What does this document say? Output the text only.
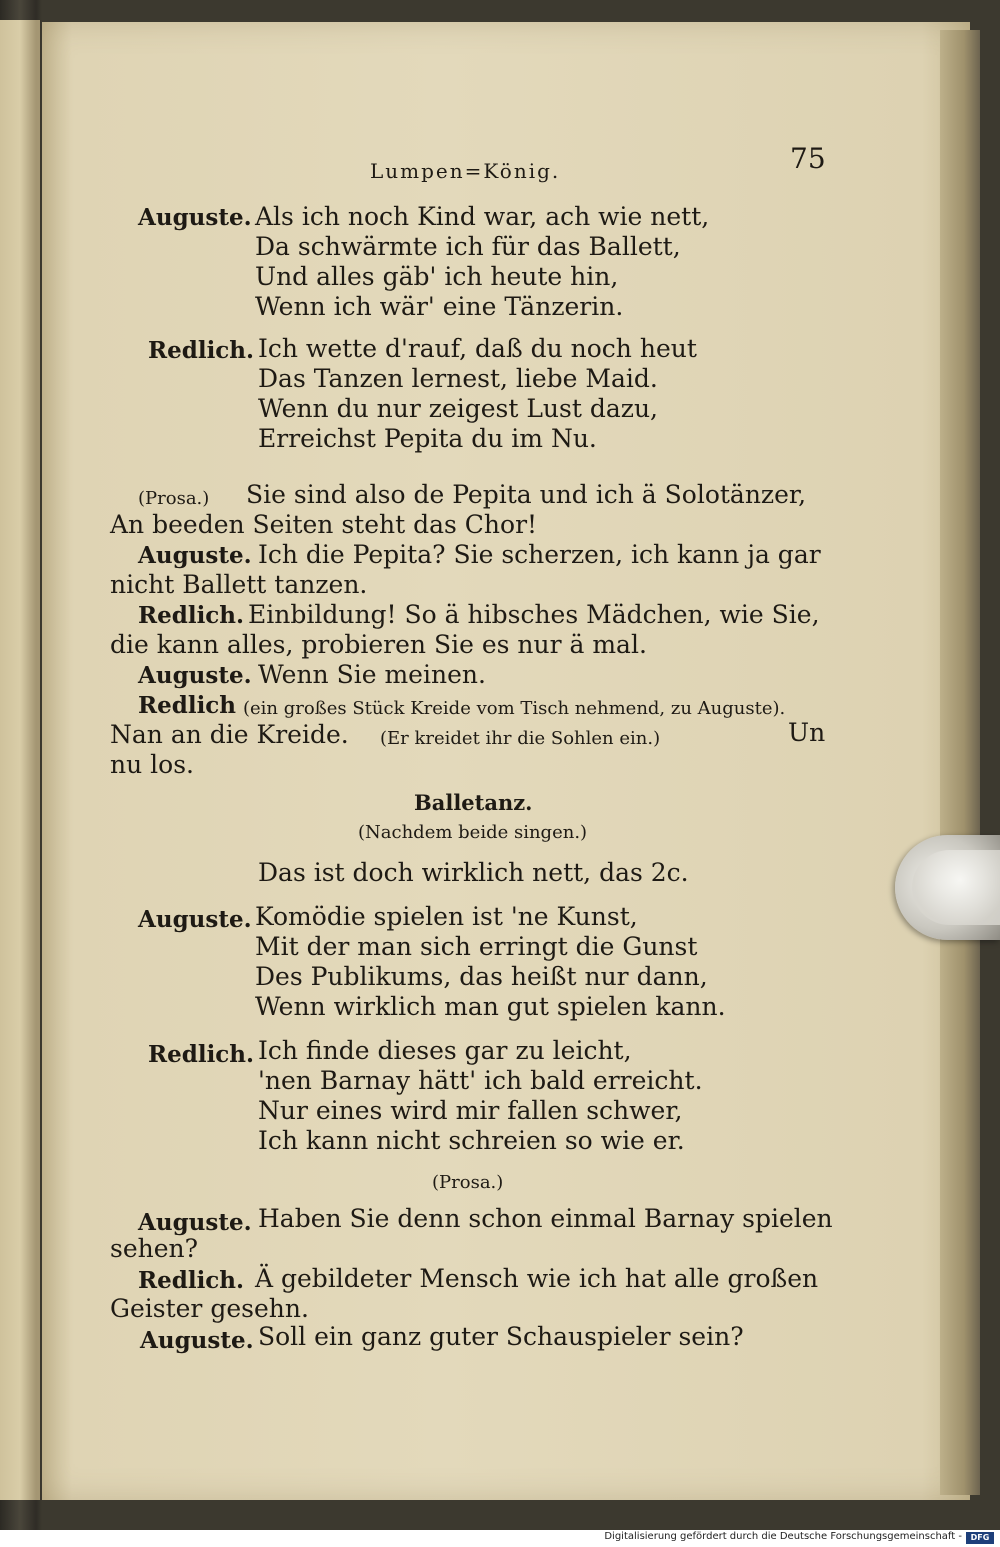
Lumpen=König.	75
Auguste. Als ich noch Kind war, ach wie nett,
Da schwärmte ich für das Ballett,
Und alles gäb' ich heute hin,
Wenn ich wär' eine Tänzerin.
Redlich. Ich wette d'rauf, daß du noch heut
Das Tanzen lernest, liebe Maid.
Wenn du nur zeigest Lust dazu,
Erreichst Pepita du im Nu.
(Prosa.) Sie sind also de Pepita und ich ä Solotänzer,
An beeden Seiten steht das Chor!
Auguste. Ich die Pepita? Sie scherzen, ich kann ja gar
nicht Ballett tanzen.
Redlich. Einbildung! So ä hibsches Mädchen, wie Sie,
die kann alles, probieren Sie es nur ä mal.
Auguste. Wenn Sie meinen.
Redlich (ein großes Stück Kreide vom Tisch nehmend, zu Auguste).
Nan an die Kreide. (Er kreidet ihr die Sohlen ein.)	Un
nu los.
Balletanz.
(Nachdem beide singen.)
Das ist doch wirklich nett, das 2c.
Auguste. Komödie spielen ist 'ne Kunst,
Mit der man sich erringt die Gunst
Des Publikums, das heißt nur dann,
Wenn wirklich man gut spielen kann.
Redlich. Ich finde dieses gar zu leicht,
'nen Barnay hätt' ich bald erreicht.
Nur eines wird mir fallen schwer,
Ich kann nicht schreien so wie er.
(Prosa.)
Auguste. Haben Sie denn schon einmal Barnay spielen
sehen?
Redlich. Ä gebildeter Mensch wie ich hat alle großen
Geister gesehn.
Auguste. Soll ein ganz guter Schauspieler sein?
Digitalisierung gefördert durch die Deutsche Forschungsgemeinschaft -	DFG
